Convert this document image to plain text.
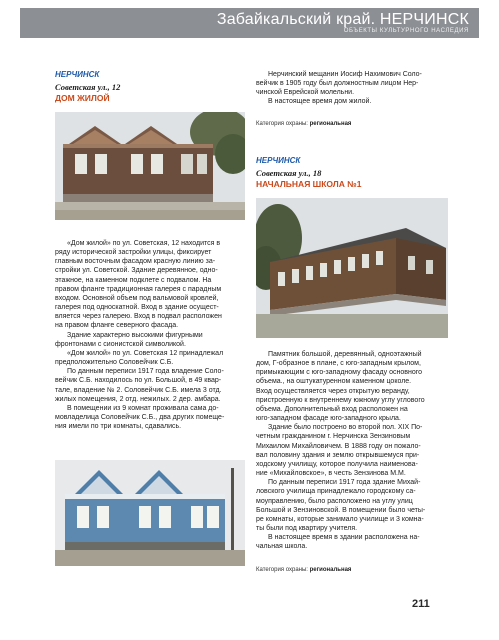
Забайкальский край. НЕРЧИНСК
ОБЪЕКТЫ КУЛЬТУРНОГО НАСЛЕДИЯ
НЕРЧИНСК
Советская ул., 12
ДОМ ЖИЛОЙ
«Дом жилой» по ул. Советская, 12 находится в
ряду исторической застройки улицы, фиксирует
главным восточным фасадом красную линию за-
стройки ул. Советской. Здание деревянное, одно-
этажное, на каменном подклете с подвалом. На
правом фланге традиционная галерея с парадным
входом. Основной объем под вальмовой кровлей,
галерея под односкатной. Вход в здание осущест-
вляется через галерею. Вход в подвал расположен
на правом фланге северного фасада.
Здание характерно высокими фигурными
фронтонами с сионистской символикой.
«Дом жилой» по ул. Советская 12 принадлежал
предположительно Соловейчик С.Б.
По данным переписи 1917 года владение Соло-
вейчик С.Б. находилось по ул. Большой, в 49 квар-
тале, владение № 2. Соловейчик С.Б. имела 3 отд.
жилых помещения, 2 отд. нежилых. 2 дер. амбара.
В помещении из 9 комнат проживала сама до-
мовладелица Соловейчик С.Б., два других помеще-
ния имели по три комнаты, сдавались.
Нерчинский мещанин Иосиф Нахимович Соло-
вейчик в 1905 году был должностным лицом Нер-
чинской Еврейской молельни.
В настоящее время дом жилой.
Категория охраны: региональная
НЕРЧИНСК
Советская ул., 18
НАЧАЛЬНАЯ ШКОЛА №1
Памятник большой, деревянный, одноэтажный
дом, Г-образное в плане, с юго-западным крылом,
примыкающим с юго-западному фасаду основного
объема., на оштукатуренном каменном цоколе.
Вход осуществляется через открытую веранду,
пристроенную к внутреннему южному углу углового
объема. Дополнительный вход расположен на
юго-западном фасаде юго-западного крыла.
Здание было построено во второй пол. XIX По-
четным гражданином г. Нерчинска Зензиновым
Михаилом Михайловичем. В 1888 году он пожало-
вал половину здания и землю открывшемуся при-
ходскому училищу, которое получила наименова-
ние «Михайловское», в честь Зензинова М.М.
По данным переписи 1917 года здание Михай-
ловского училища принадлежало городскому са-
моуправлению, было расположено на углу улиц
Большой и Зензиновской. В помещении было четы-
ре комнаты, которые занимало училище и 3 комна-
ты были под квартиру учителя.
В настоящее время в здании расположена на-
чальная школа.
Категория охраны: региональная
211
